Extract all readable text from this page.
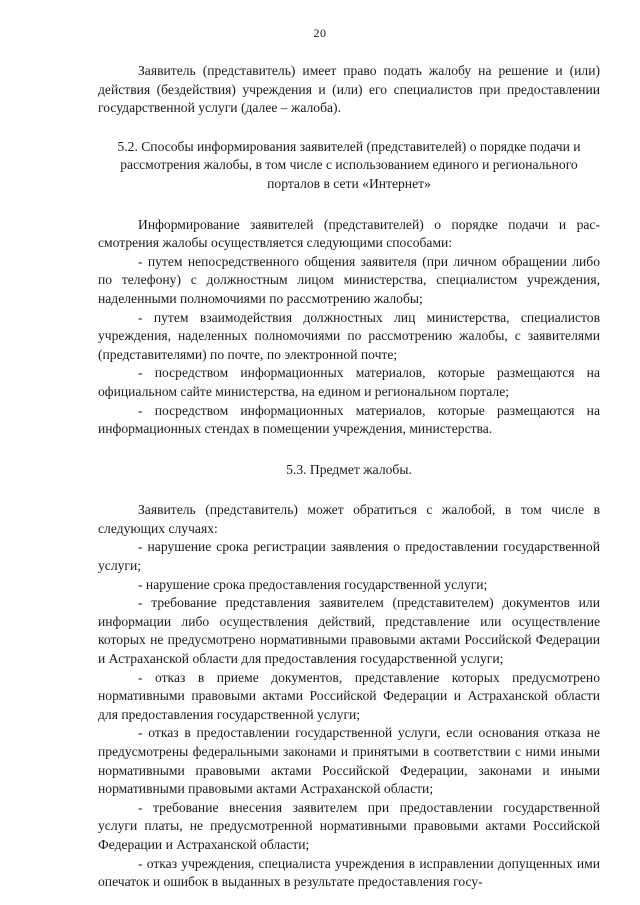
20

Заявитель (представитель) имеет право подать жалобу на решение и (или) действия (бездействия) учреждения и (или) его специалистов при предоставлении государственной услуги (далее – жалоба).

5.2. Способы информирования заявителей (представителей) о порядке подачи и рассмотрения жалобы, в том числе с использованием единого и регионального порталов в сети «Интернет»

Информирование заявителей (представителей) о порядке подачи и рассмотрения жалобы осуществляется следующими способами:

- путем непосредственного общения заявителя (при личном обращении либо по телефону) с должностным лицом министерства, специалистом учреждения, наделенными полномочиями по рассмотрению жалобы;

- путем взаимодействия должностных лиц министерства, специалистов учреждения, наделенных полномочиями по рассмотрению жалобы, с заявителями (представителями) по почте, по электронной почте;

- посредством информационных материалов, которые размещаются на официальном сайте министерства, на едином и региональном портале;

- посредством информационных материалов, которые размещаются на информационных стендах в помещении учреждения, министерства.

5.3. Предмет жалобы.

Заявитель (представитель) может обратиться с жалобой, в том числе в следующих случаях:

- нарушение срока регистрации заявления о предоставлении государственной услуги;

- нарушение срока предоставления государственной услуги;

- требование представления заявителем (представителем) документов или информации либо осуществления действий, представление или осуществление которых не предусмотрено нормативными правовыми актами Российской Федерации и Астраханской области для предоставления государственной услуги;

- отказ в приеме документов, представление которых предусмотрено нормативными правовыми актами Российской Федерации и Астраханской области для предоставления государственной услуги;

- отказ в предоставлении государственной услуги, если основания отказа не предусмотрены федеральными законами и принятыми в соответствии с ними иными нормативными правовыми актами Российской Федерации, законами и иными нормативными правовыми актами Астраханской области;

- требование внесения заявителем при предоставлении государственной услуги платы, не предусмотренной нормативными правовыми актами Российской Федерации и Астраханской области;

- отказ учреждения, специалиста учреждения в исправлении допущенных ими опечаток и ошибок в выданных в результате предоставления госу-
